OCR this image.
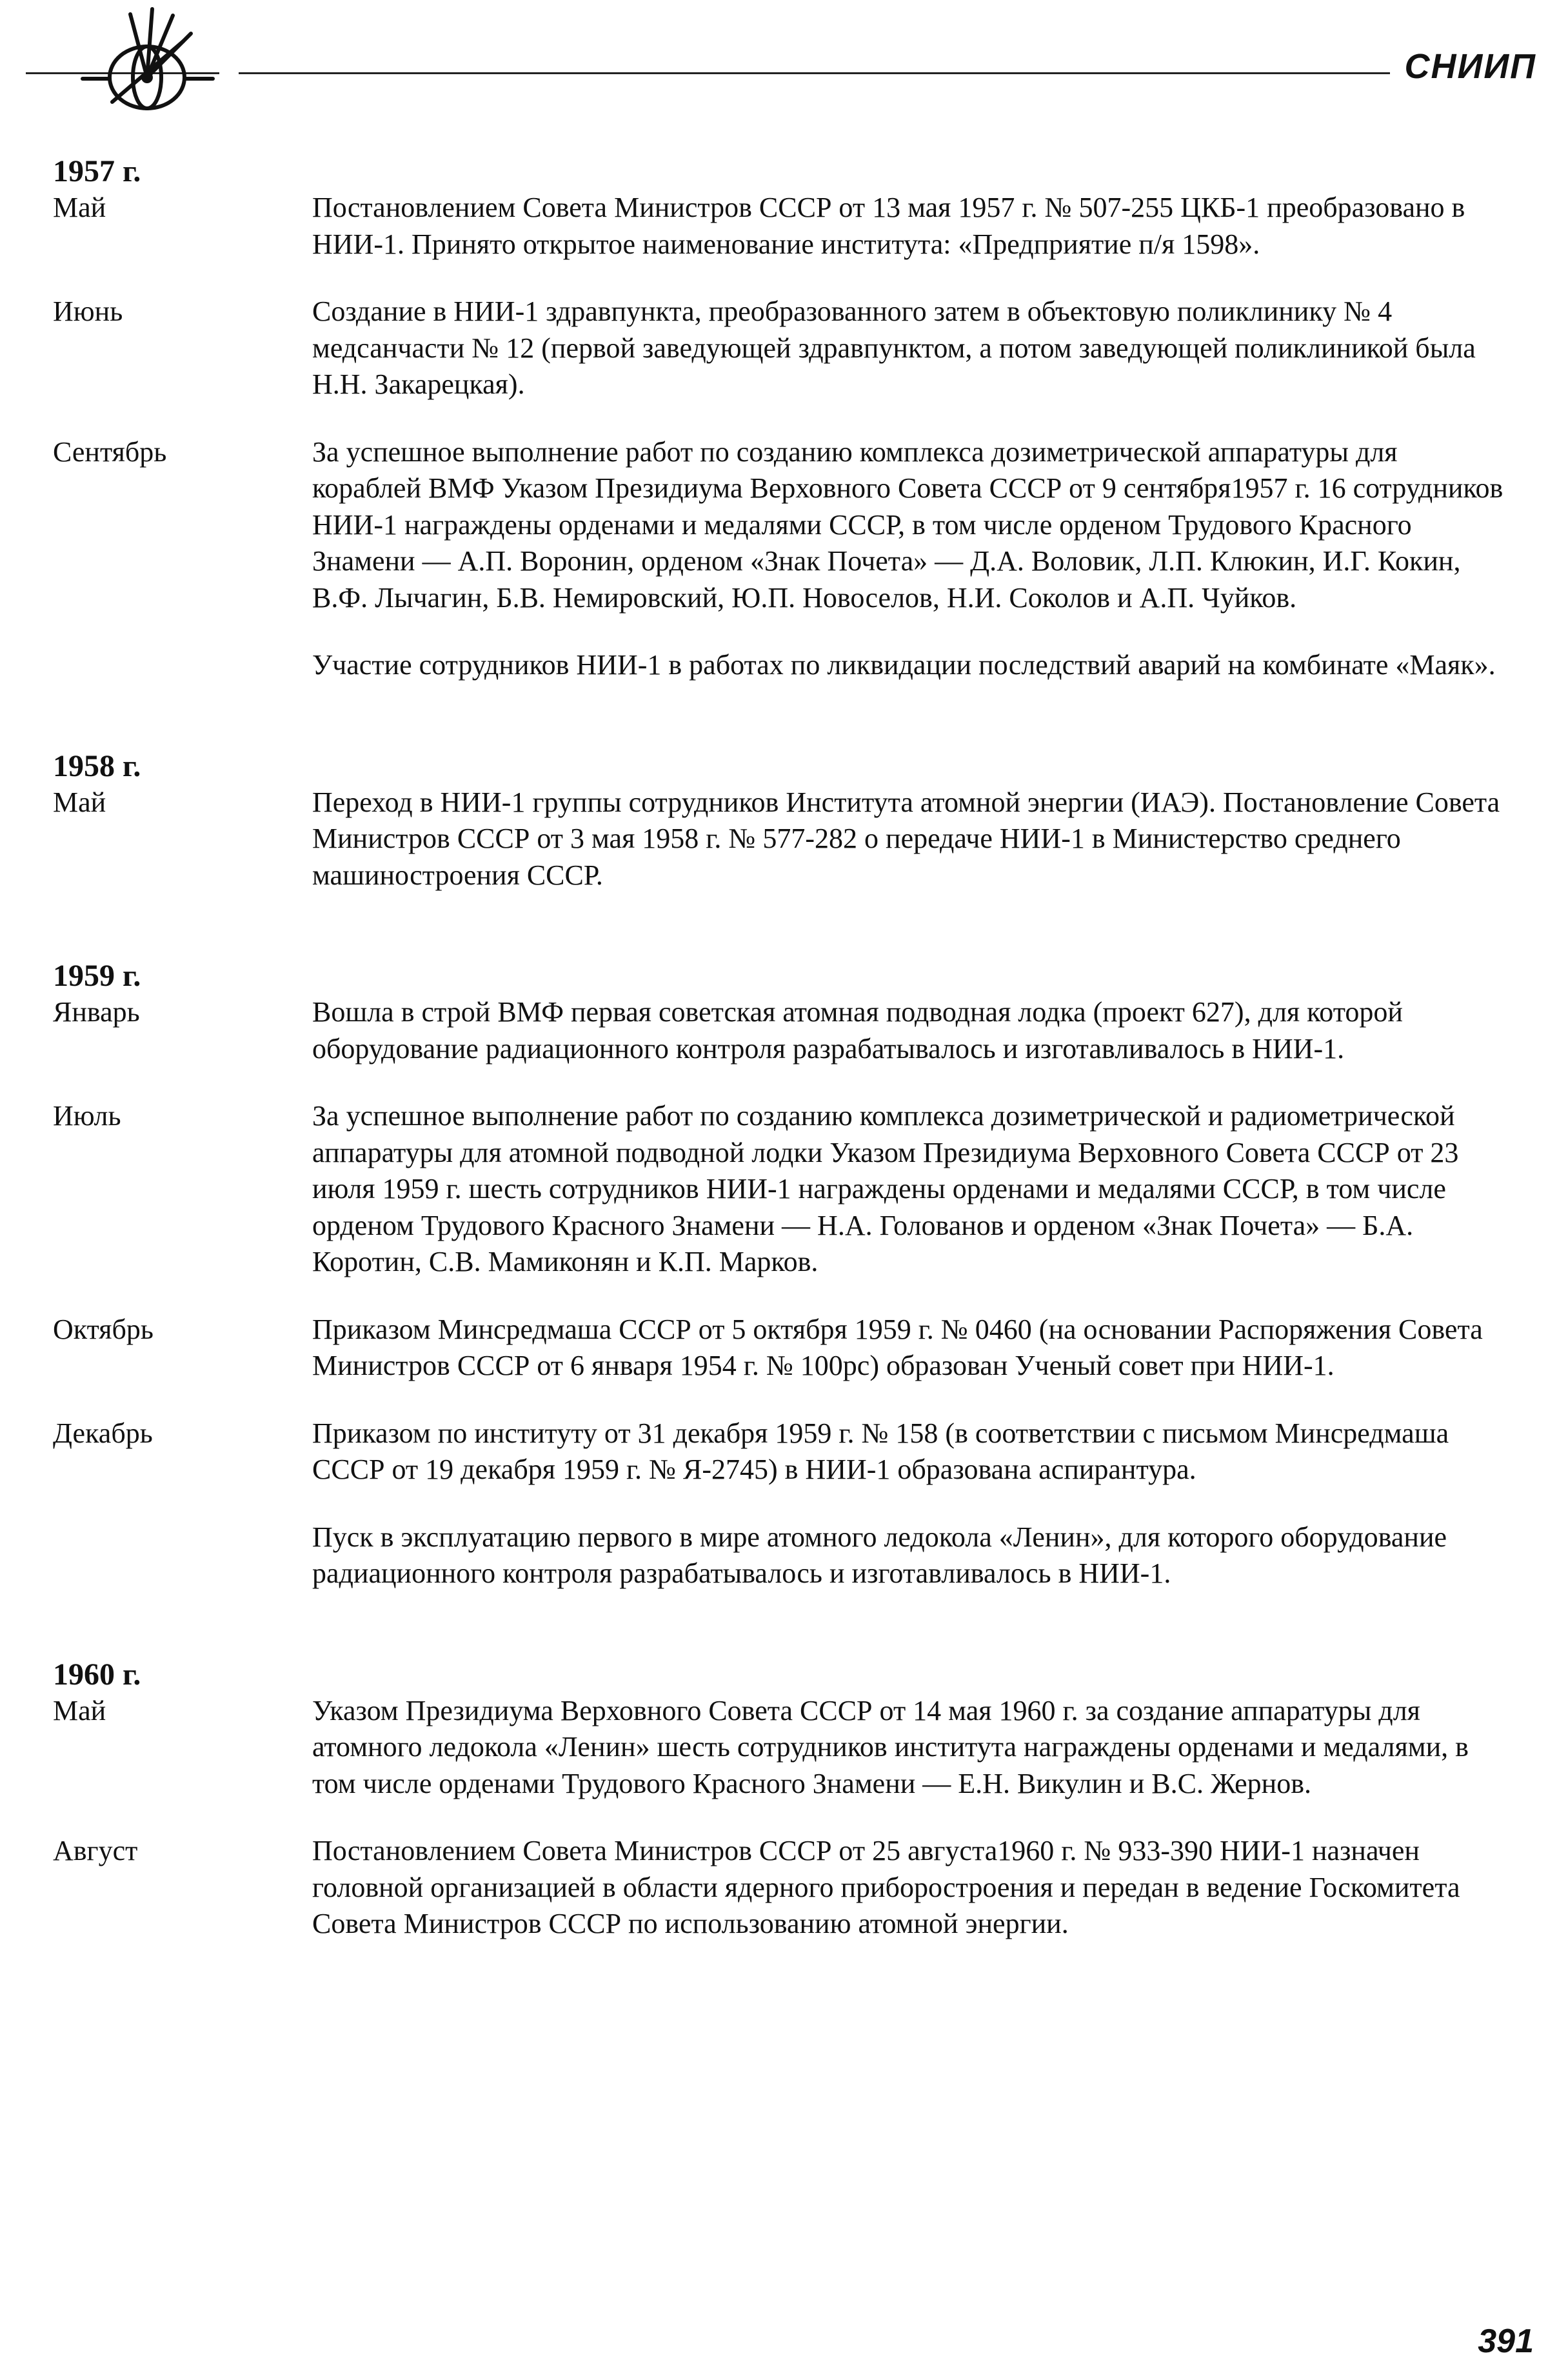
СНИИП
1957 г.
Май	Постановлением Совета Министров СССР от 13 мая 1957 г. № 507-255 ЦКБ-1 преобразовано в НИИ-1. Принято открытое наименование института: «Предприятие п/я 1598».

Июнь	Создание в НИИ-1 здравпункта, преобразованного затем в объектовую поликлинику № 4 медсанчасти № 12 (первой заведующей здравпунктом, а потом заведующей поликлиникой была Н.Н. Закарецкая).

Сентябрь	За успешное выполнение работ по созданию комплекса дозиметрической аппаратуры для кораблей ВМФ Указом Президиума Верховного Совета СССР от 9 сентября1957 г. 16 сотрудников НИИ-1 награждены орденами и медалями СССР, в том числе орденом Трудового Красного Знамени — А.П. Воронин, орденом «Знак Почета» — Д.А. Воловик, Л.П. Клюкин, И.Г. Кокин, В.Ф. Лычагин, Б.В. Немировский, Ю.П. Новоселов, Н.И. Соколов и А.П. Чуйков.

Участие сотрудников НИИ-1 в работах по ликвидации последствий аварий на комбинате «Маяк».

1958 г.
Май	Переход в НИИ-1 группы сотрудников Института атомной энергии (ИАЭ). Постановление Совета Министров СССР от 3 мая 1958 г. № 577-282 о передаче НИИ-1 в Министерство среднего машиностроения СССР.

1959 г.
Январь	Вошла в строй ВМФ первая советская атомная подводная лодка (проект 627), для которой оборудование радиационного контроля разрабатывалось и изготавливалось в НИИ-1.

Июль	За успешное выполнение работ по созданию комплекса дозиметрической и радиометрической аппаратуры для атомной подводной лодки Указом Президиума Верховного Совета СССР от 23 июля 1959 г. шесть сотрудников НИИ-1 награждены орденами и медалями СССР, в том числе орденом Трудового Красного Знамени — Н.А. Голованов и орденом «Знак Почета» — Б.А. Коротин, С.В. Мамиконян и К.П. Марков.

Октябрь	Приказом Минсредмаша СССР от 5 октября 1959 г. № 0460 (на основании Распоряжения Совета Министров СССР от 6 января 1954 г. № 100рс) образован Ученый совет при НИИ-1.

Декабрь	Приказом по институту от 31 декабря 1959 г. № 158 (в соответствии с письмом Минсредмаша СССР от 19 декабря 1959 г. № Я-2745) в НИИ-1 образована аспирантура.

Пуск в эксплуатацию первого в мире атомного ледокола «Ленин», для которого оборудование радиационного контроля разрабатывалось и изготавливалось в НИИ-1.

1960 г.
Май	Указом Президиума Верховного Совета СССР от 14 мая 1960 г. за создание аппаратуры для атомного ледокола «Ленин» шесть сотрудников института награждены орденами и медалями, в том числе орденами Трудового Красного Знамени — Е.Н. Викулин и В.С. Жернов.

Август	Постановлением Совета Министров СССР от 25 августа1960 г. № 933-390 НИИ-1 назначен головной организацией в области ядерного приборостроения и передан в ведение Госкомитета Совета Министров СССР по использованию атомной энергии.

391
